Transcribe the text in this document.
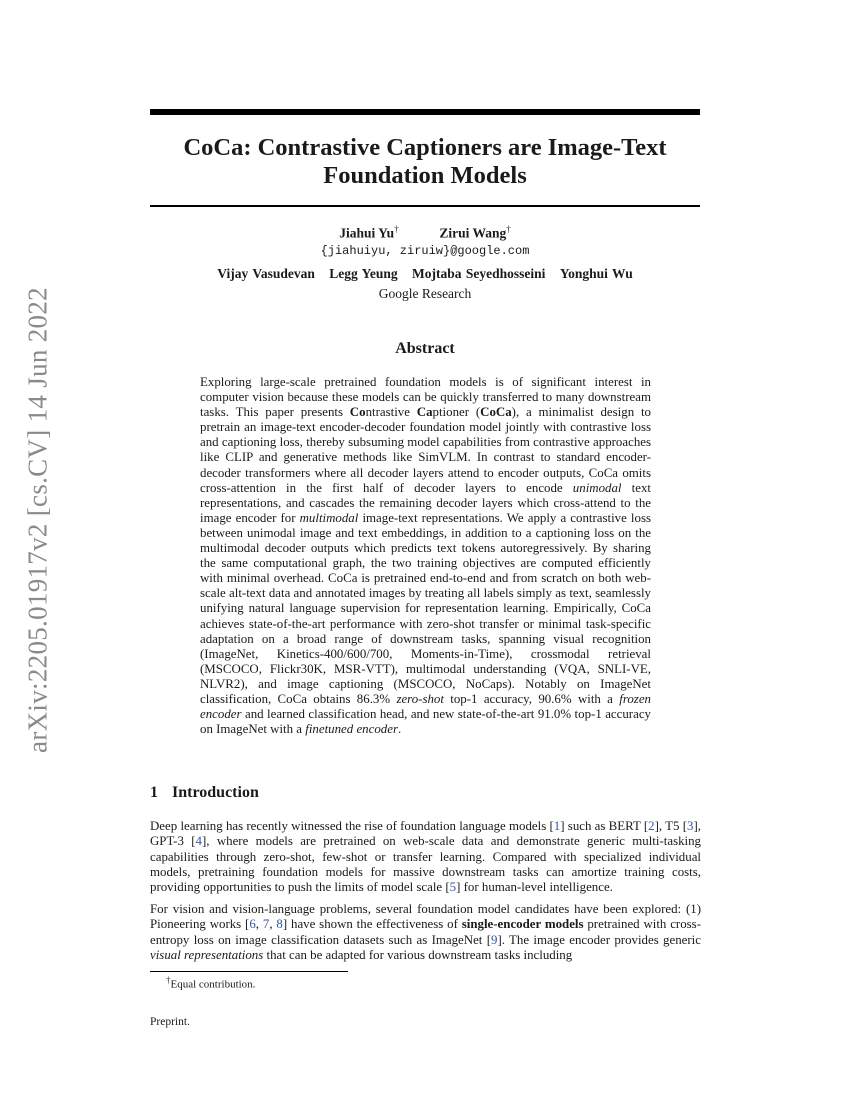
arXiv:2205.01917v2 [cs.CV] 14 Jun 2022
CoCa: Contrastive Captioners are Image-Text
Foundation Models
Jiahui Yu†	Zirui Wang†
{jiahuiyu, ziruiw}@google.com
Vijay Vasudevan Legg Yeung Mojtaba Seyedhosseini Yonghui Wu
Google Research
Abstract
Exploring large-scale pretrained foundation models is of significant interest in computer vision because these models can be quickly transferred to many downstream tasks. This paper presents Contrastive Captioner (CoCa), a minimalist design to pretrain an image-text encoder-decoder foundation model jointly with contrastive loss and captioning loss, thereby subsuming model capabilities from contrastive approaches like CLIP and generative methods like SimVLM. In contrast to standard encoder-decoder transformers where all decoder layers attend to encoder outputs, CoCa omits cross-attention in the first half of decoder layers to encode unimodal text representations, and cascades the remaining decoder layers which cross-attend to the image encoder for multimodal image-text representations. We apply a contrastive loss between unimodal image and text embeddings, in addition to a captioning loss on the multimodal decoder outputs which predicts text tokens autoregressively. By sharing the same computational graph, the two training objectives are computed efficiently with minimal overhead. CoCa is pretrained end-to-end and from scratch on both web-scale alt-text data and annotated images by treating all labels simply as text, seamlessly unifying natural language supervision for representation learning. Empirically, CoCa achieves state-of-the-art performance with zero-shot transfer or minimal task-specific adaptation on a broad range of downstream tasks, spanning visual recognition (ImageNet, Kinetics-400/600/700, Moments-in-Time), crossmodal retrieval (MSCOCO, Flickr30K, MSR-VTT), multimodal understanding (VQA, SNLI-VE, NLVR2), and image captioning (MSCOCO, NoCaps). Notably on ImageNet classification, CoCa obtains 86.3% zero-shot top-1 accuracy, 90.6% with a frozen encoder and learned classification head, and new state-of-the-art 91.0% top-1 accuracy on ImageNet with a finetuned encoder.
1 Introduction
Deep learning has recently witnessed the rise of foundation language models [1] such as BERT [2], T5 [3], GPT-3 [4], where models are pretrained on web-scale data and demonstrate generic multi-tasking capabilities through zero-shot, few-shot or transfer learning. Compared with specialized individual models, pretraining foundation models for massive downstream tasks can amortize training costs, providing opportunities to push the limits of model scale [5] for human-level intelligence.
For vision and vision-language problems, several foundation model candidates have been explored: (1) Pioneering works [6, 7, 8] have shown the effectiveness of single-encoder models pretrained with cross-entropy loss on image classification datasets such as ImageNet [9]. The image encoder provides generic visual representations that can be adapted for various downstream tasks including
†Equal contribution.
Preprint.
